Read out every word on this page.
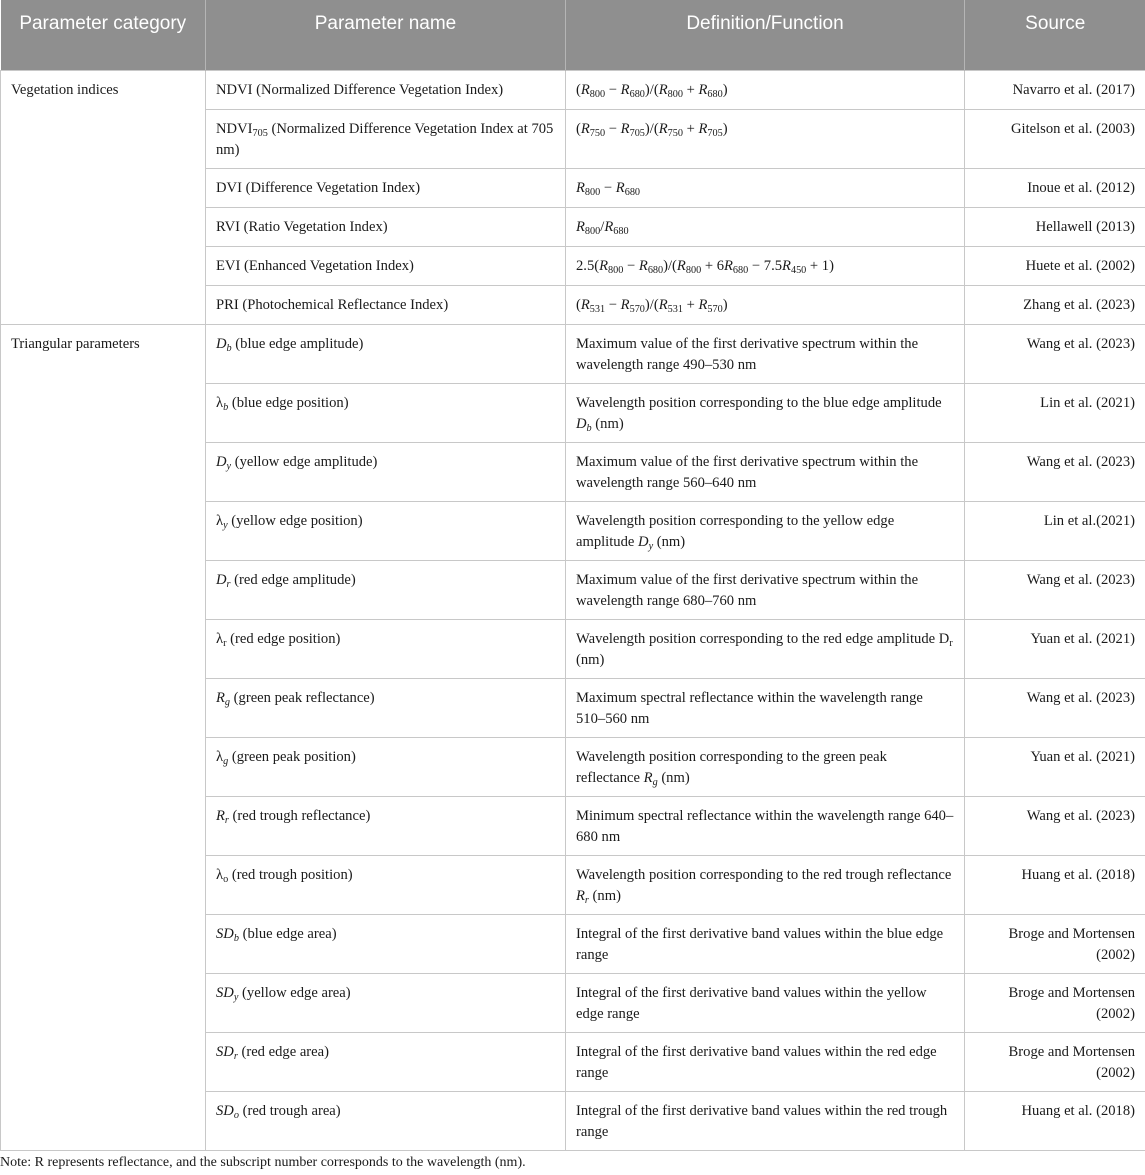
Parameter category	Parameter name	Definition/Function	Source
Vegetation indices	NDVI (Normalized Difference Vegetation Index)	$(R_{800} - R_{680})/(R_{800} + R_{680})$	Navarro et al. (2017)
	$NDVI_{705}$ (Normalized Difference Vegetation Index at 705 nm)	$(R_{750} - R_{705})/(R_{750} + R_{705})$	Gitelson et al. (2003)
	DVI (Difference Vegetation Index)	$R_{800} - R_{680}$	Inoue et al. (2012)
	RVI (Ratio Vegetation Index)	$R_{800}/R_{680}$	Hellawell (2013)
	EVI (Enhanced Vegetation Index)	$2.5(R_{800} - R_{680})/(R_{800} + 6R_{680} - 7.5R_{450} + 1)$	Huete et al. (2002)
	PRI (Photochemical Reflectance Index)	$(R_{531} - R_{570})/(R_{531} + R_{570})$	Zhang et al. (2023)
Triangular parameters	$D_b$ (blue edge amplitude)	Maximum value of the first derivative spectrum within the wavelength range 490–530 nm	Wang et al. (2023)
	$\lambda_b$ (blue edge position)	Wavelength position corresponding to the blue edge amplitude $D_b$ (nm)	Lin et al. (2021)
	$D_y$ (yellow edge amplitude)	Maximum value of the first derivative spectrum within the wavelength range 560–640 nm	Wang et al. (2023)
	$\lambda_y$ (yellow edge position)	Wavelength position corresponding to the yellow edge amplitude $D_y$ (nm)	Lin et al.(2021)
	$D_r$ (red edge amplitude)	Maximum value of the first derivative spectrum within the wavelength range 680–760 nm	Wang et al. (2023)
	$\lambda_r$ (red edge position)	Wavelength position corresponding to the red edge amplitude $D_r$ (nm)	Yuan et al. (2021)
	$R_g$ (green peak reflectance)	Maximum spectral reflectance within the wavelength range 510–560 nm	Wang et al. (2023)
	$\lambda_g$ (green peak position)	Wavelength position corresponding to the green peak reflectance $R_g$ (nm)	Yuan et al. (2021)
	$R_r$ (red trough reflectance)	Minimum spectral reflectance within the wavelength range 640–680 nm	Wang et al. (2023)
	$\lambda_o$ (red trough position)	Wavelength position corresponding to the red trough reflectance $R_r$ (nm)	Huang et al. (2018)
	$SD_b$ (blue edge area)	Integral of the first derivative band values within the blue edge range	Broge and Mortensen (2002)
	$SD_y$ (yellow edge area)	Integral of the first derivative band values within the yellow edge range	Broge and Mortensen (2002)
	$SD_r$ (red edge area)	Integral of the first derivative band values within the red edge range	Broge and Mortensen (2002)
	$SD_o$ (red trough area)	Integral of the first derivative band values within the red trough range	Huang et al. (2018)
Note: R represents reflectance, and the subscript number corresponds to the wavelength (nm).
